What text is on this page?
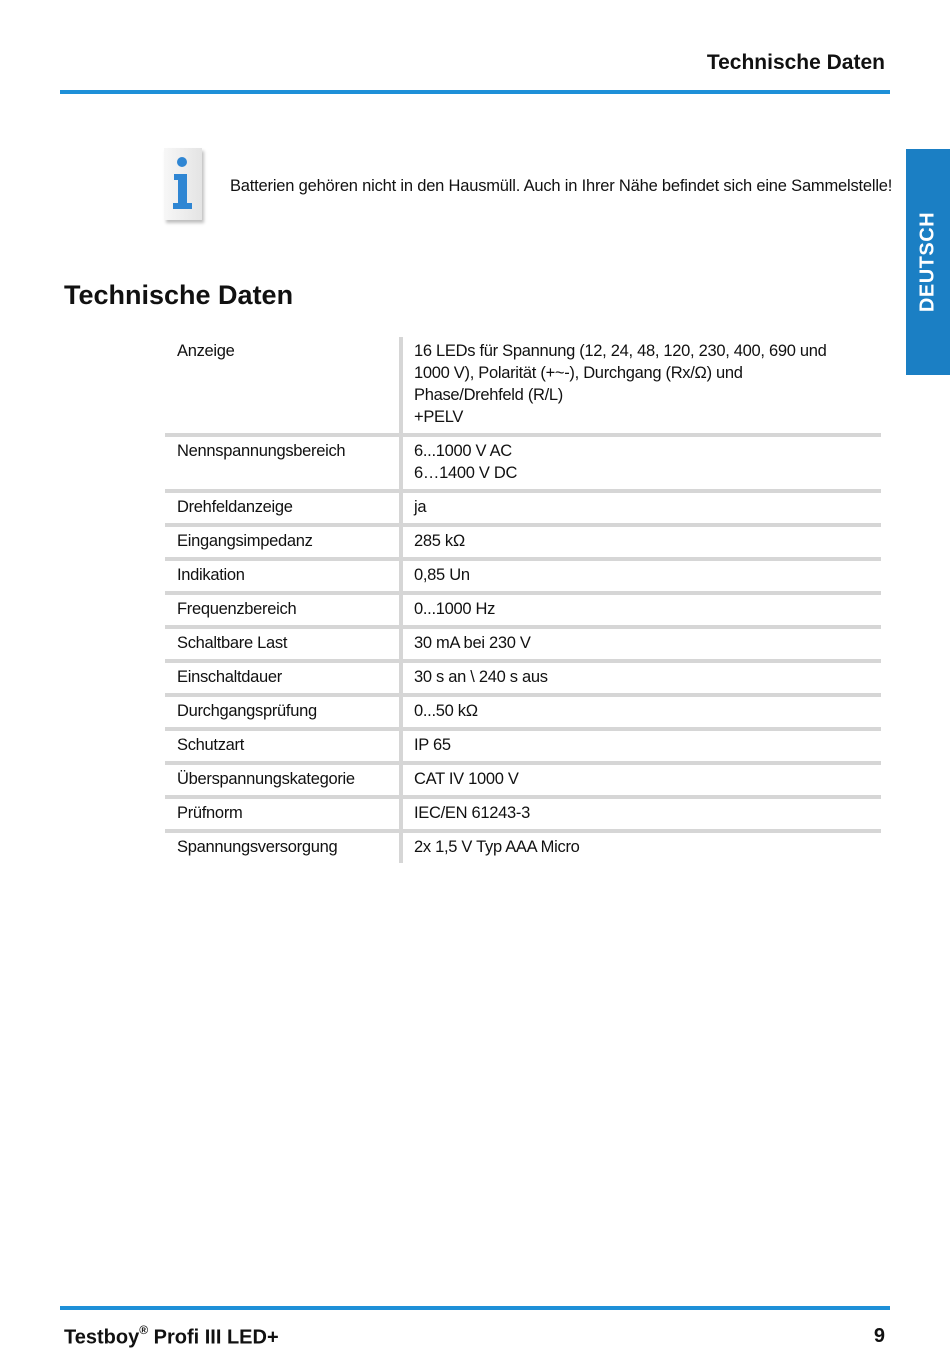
Technische Daten
DEUTSCH
Batterien gehören nicht in den Hausmüll. Auch in Ihrer Nähe befindet sich eine Sammelstelle!
Technische Daten
Anzeige	16 LEDs für Spannung (12, 24, 48, 120, 230, 400, 690 und
1000 V), Polarität (+~-), Durchgang (Rx/Ω) und
Phase/Drehfeld (R/L)
+PELV

Nennspannungsbereich	6...1000 V AC
6…1400 V DC

Drehfeldanzeige	ja

Eingangsimpedanz	285 kΩ

Indikation	0,85 Un

Frequenzbereich	0...1000 Hz

Schaltbare Last	30 mA bei 230 V

Einschaltdauer	30 s an \ 240 s aus

Durchgangsprüfung	0...50 kΩ

Schutzart	IP 65

Überspannungskategorie	CAT IV 1000 V

Prüfnorm	IEC/EN 61243-3

Spannungsversorgung	2x 1,5 V Typ AAA Micro
Testboy® Profi III LED+	9
